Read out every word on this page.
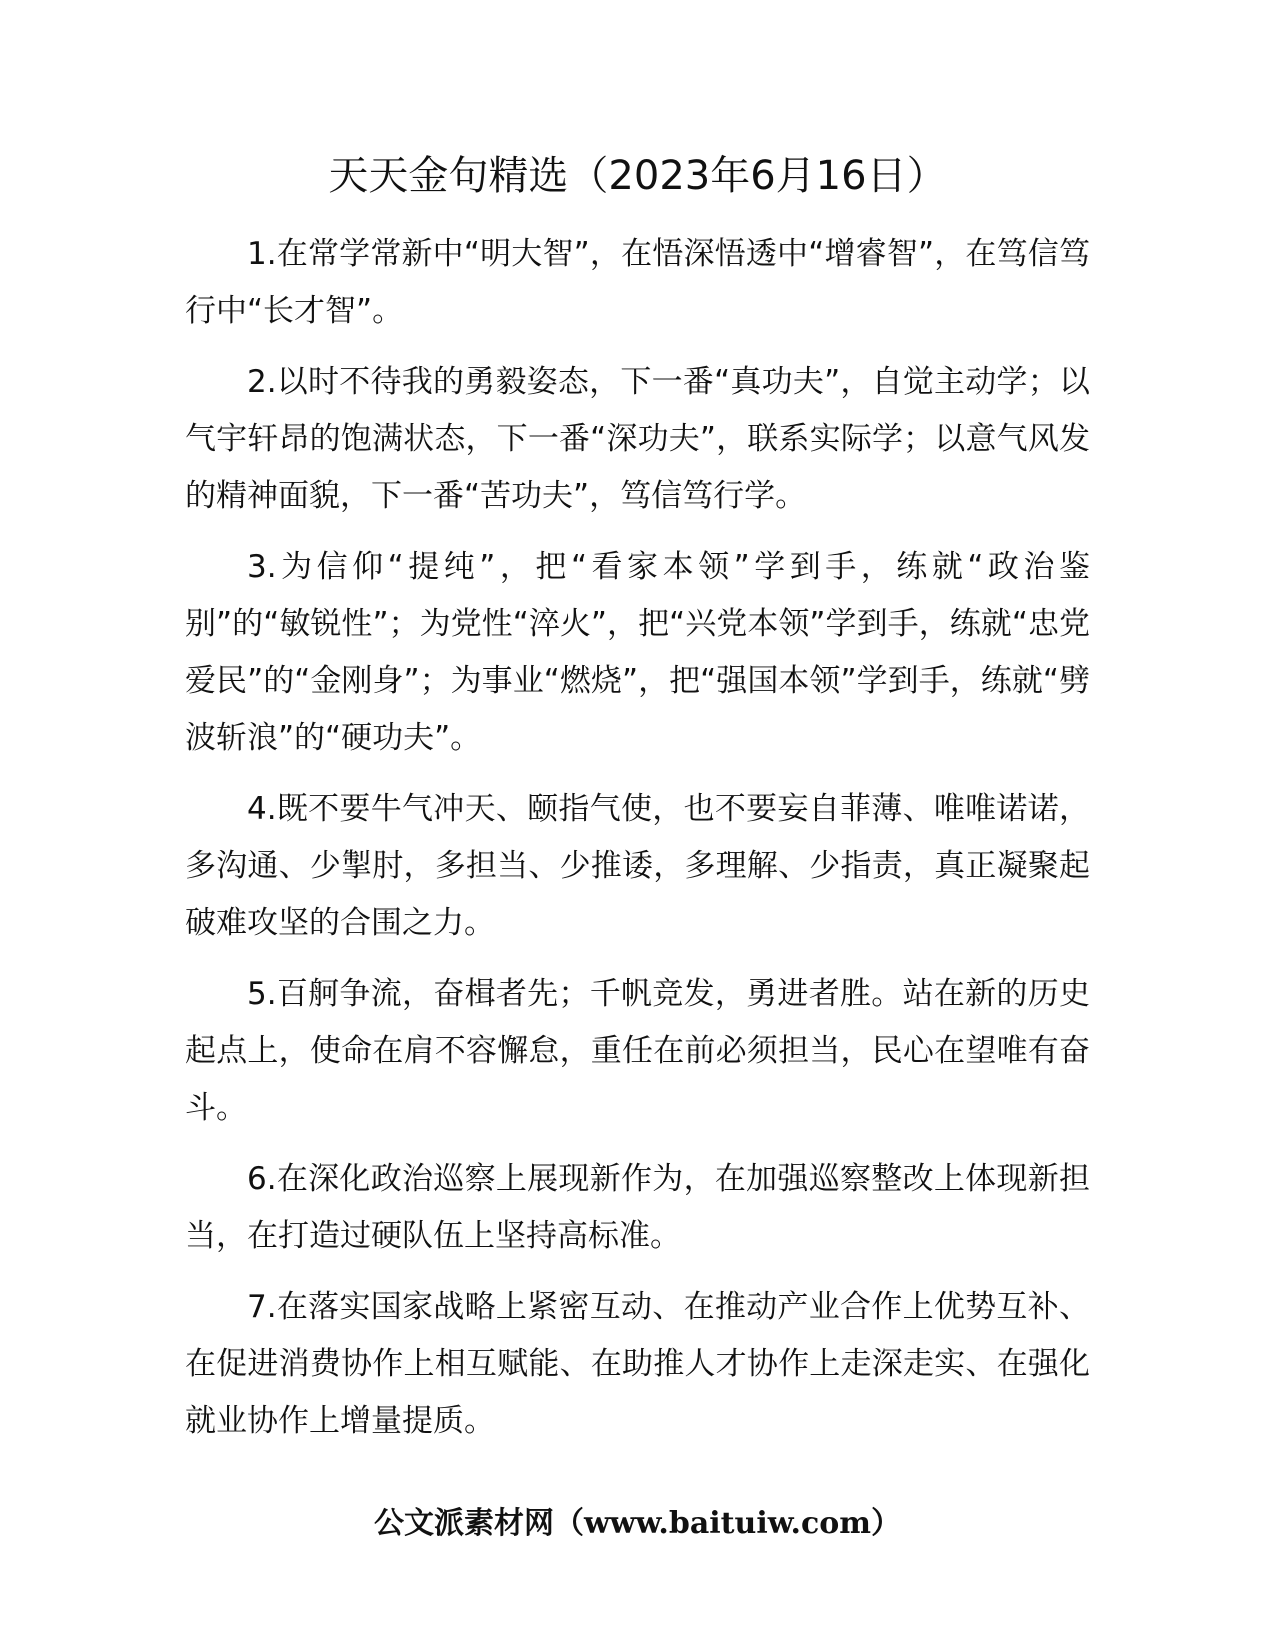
天天金句精选（2023年6月16日）

1.在常学常新中“明大智”，在悟深悟透中“增睿智”，在笃信笃行中“长才智”。

2.以时不待我的勇毅姿态，下一番“真功夫”，自觉主动学；以气宇轩昂的饱满状态，下一番“深功夫”，联系实际学；以意气风发的精神面貌，下一番“苦功夫”，笃信笃行学。

3.为信仰“提纯”，把“看家本领”学到手，练就“政治鉴别”的“敏锐性”；为党性“淬火”，把“兴党本领”学到手，练就“忠党爱民”的“金刚身”；为事业“燃烧”，把“强国本领”学到手，练就“劈波斩浪”的“硬功夫”。

4.既不要牛气冲天、颐指气使，也不要妄自菲薄、唯唯诺诺，多沟通、少掣肘，多担当、少推诿，多理解、少指责，真正凝聚起破难攻坚的合围之力。

5.百舸争流，奋楫者先；千帆竞发，勇进者胜。站在新的历史起点上，使命在肩不容懈怠，重任在前必须担当，民心在望唯有奋斗。

6.在深化政治巡察上展现新作为，在加强巡察整改上体现新担当，在打造过硬队伍上坚持高标准。

7.在落实国家战略上紧密互动、在推动产业合作上优势互补、在促进消费协作上相互赋能、在助推人才协作上走深走实、在强化就业协作上增量提质。

公文派素材网（www.baituiw.com）
